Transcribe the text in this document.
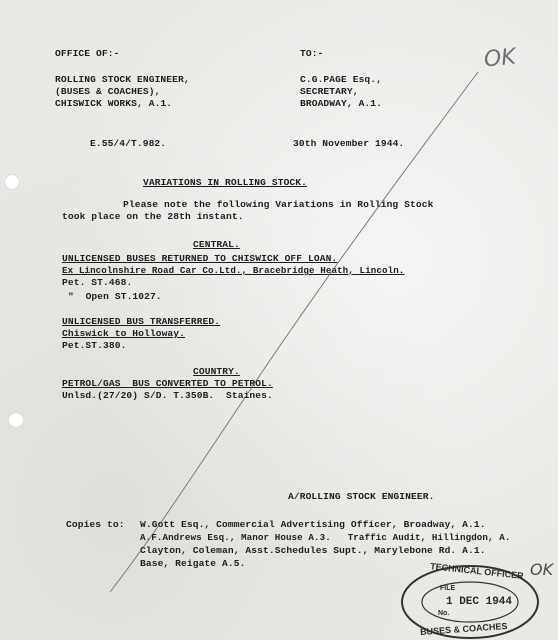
OFFICE OF:-
ROLLING STOCK ENGINEER,
(BUSES & COACHES),
CHISWICK WORKS, A.1.
TO:-
C.G.PAGE Esq.,
SECRETARY,
BROADWAY, A.1.
E.55/4/T.982.	30th November 1944.
VARIATIONS IN ROLLING STOCK.
Please note the following Variations in Rolling Stock
took place on the 28th instant.
CENTRAL.
UNLICENSED BUSES RETURNED TO CHISWICK OFF LOAN.
Ex Lincolnshire Road Car Co.Ltd., Bracebridge Heath, Lincoln.
Pet. ST.468.
"  Open ST.1027.
UNLICENSED BUS TRANSFERRED.
Chiswick to Holloway.
Pet.ST.380.
COUNTRY.
PETROL/GAS  BUS CONVERTED TO PETROL.
Unlsd.(27/20) S/D. T.350B.  Staines.
A/ROLLING STOCK ENGINEER.
Copies to: W.Gott Esq., Commercial Advertising Officer, Broadway, A.1.
A.F.Andrews Esq., Manor House A.3.   Traffic Audit, Hillingdon, A.
Clayton, Coleman, Asst.Schedules Supt., Marylebone Rd. A.1.
Base, Reigate A.5.
OK
OK
TECHNICAL OFFICER
FILE
1 DEC 1944
No.
BUSES & COACHES
